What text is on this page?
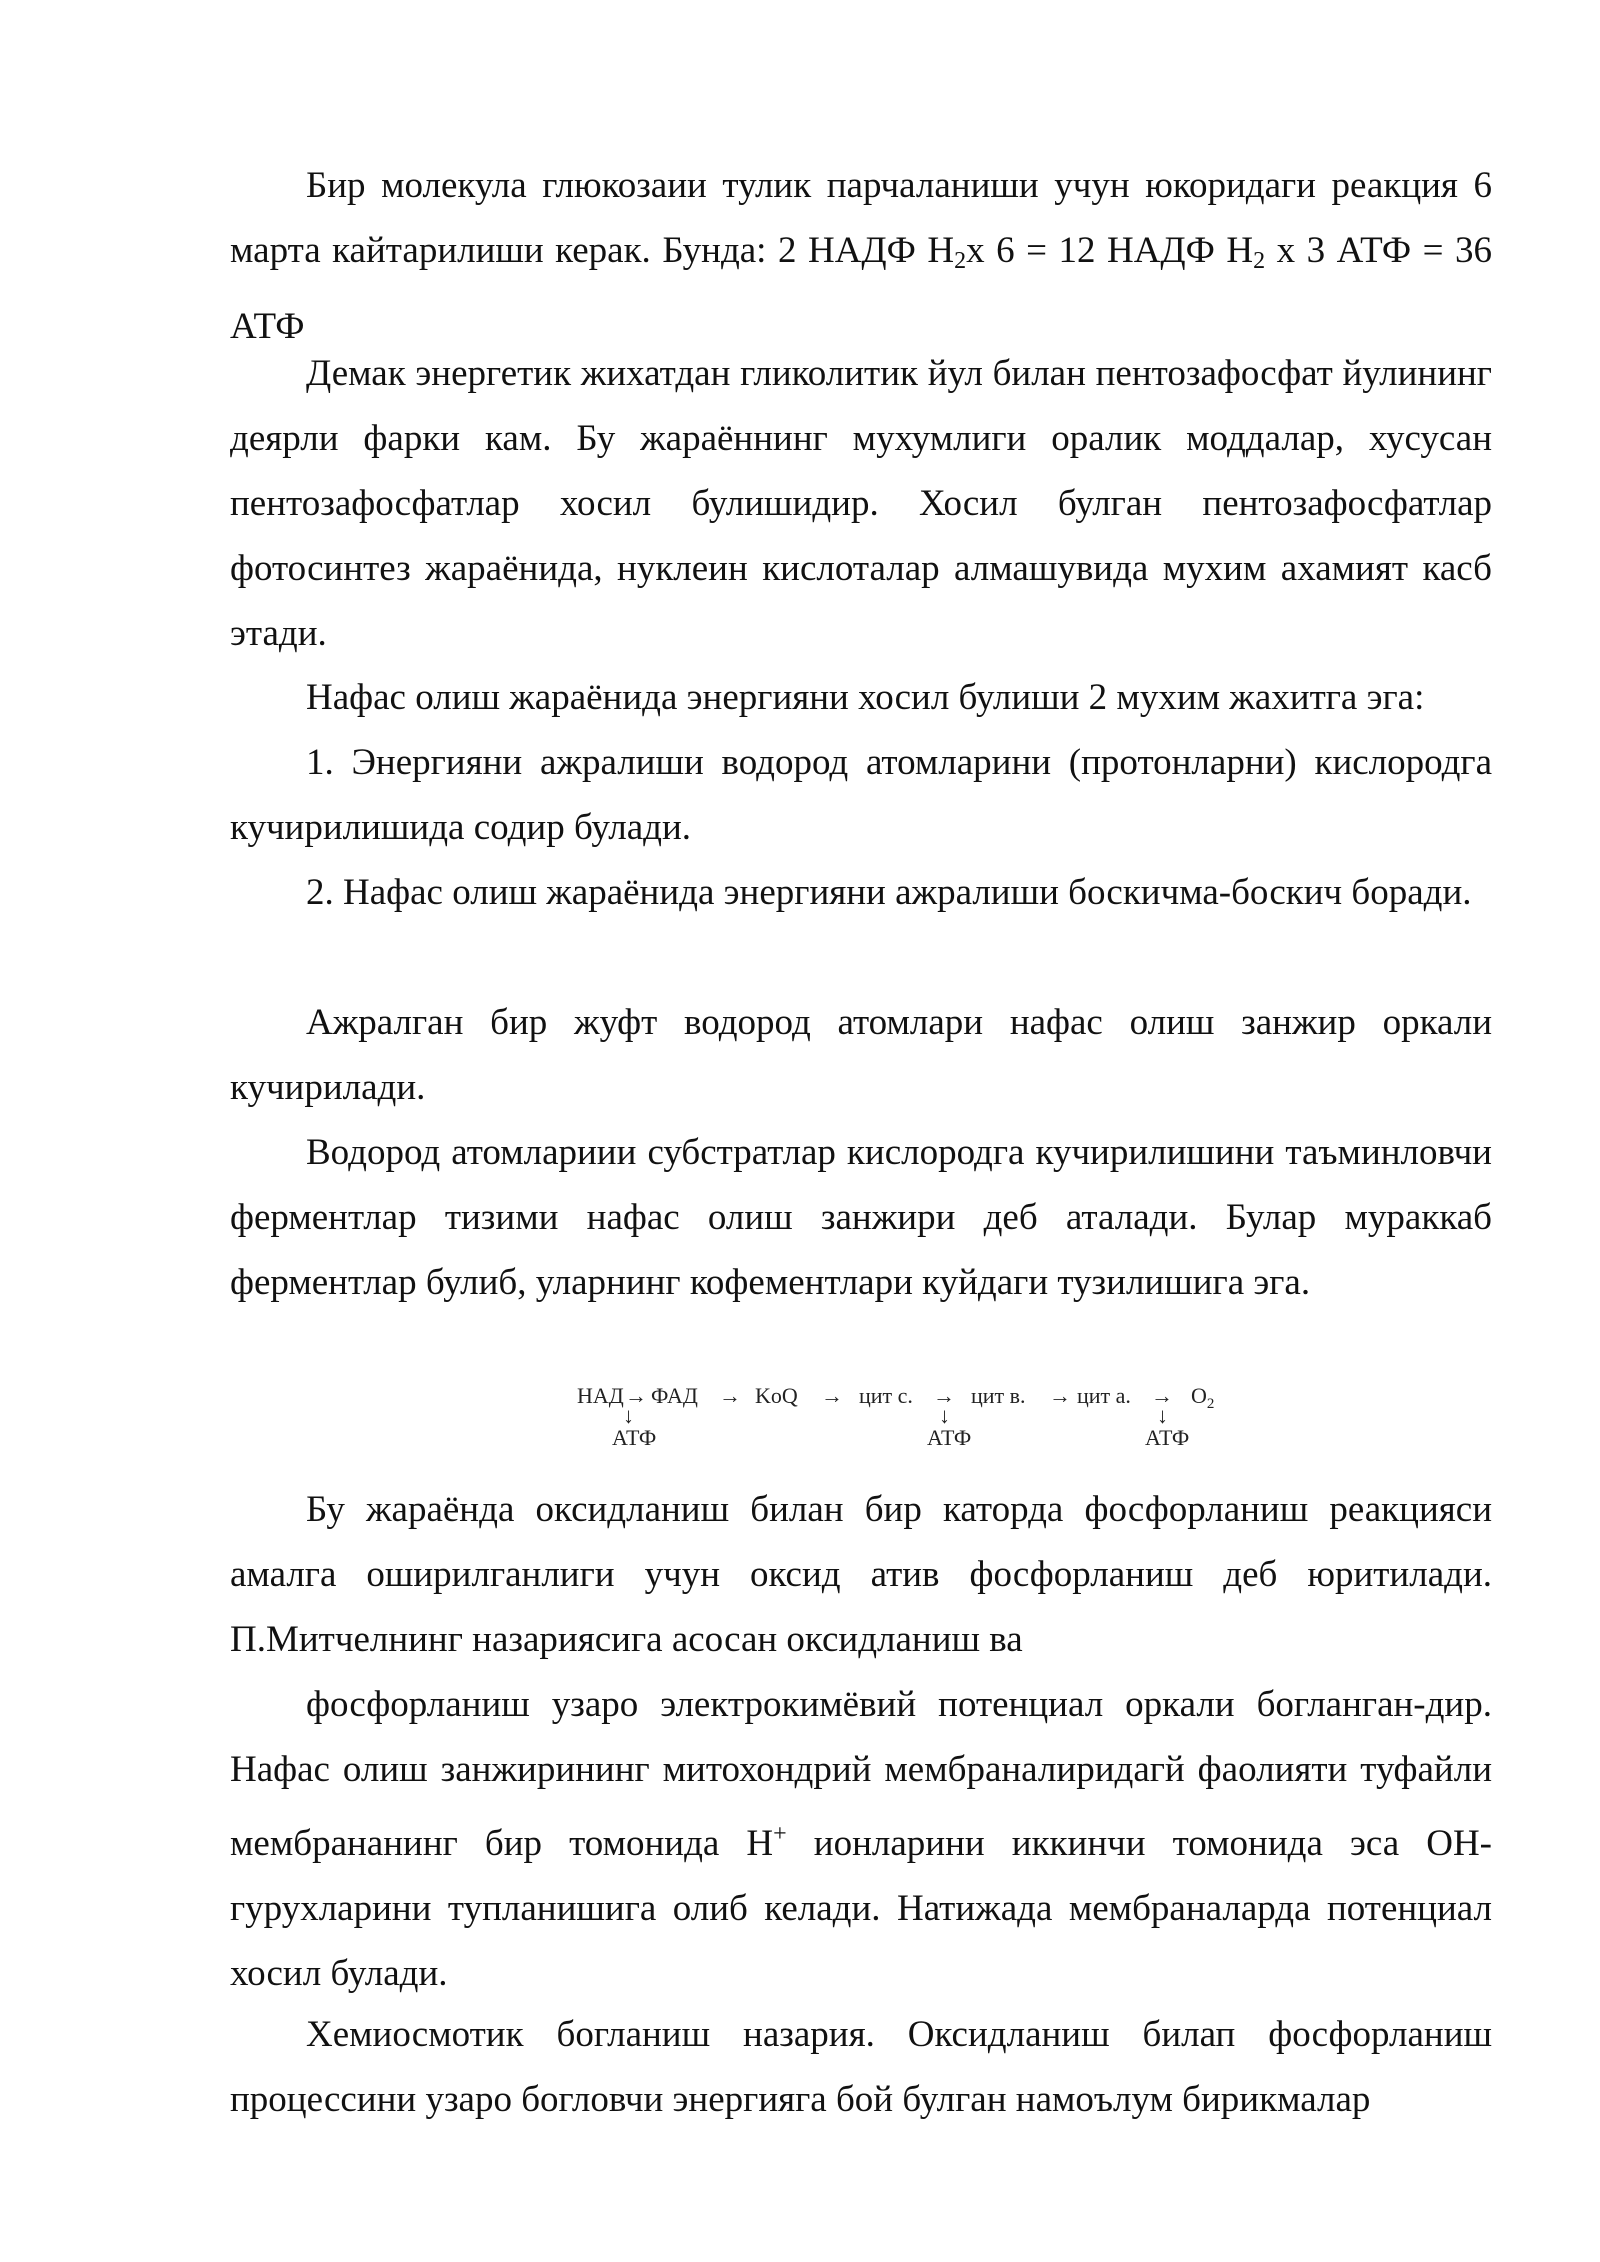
Бир молекула глюкозаии тулик парчаланиши учун юкоридаги реакция 6 марта кайтарилиши керак. Бунда: 2 НАДФ $Н_2х$ 6 = 12 НАДФ $Н_2$ х 3 АТФ = 36 АТФ

Демак энергетик жихатдан гликолитик йул билан пентозафосфат йулининг деярли фарки кам. Бу жараённинг мухумлиги оралик моддалар, хусусан пентозафосфатлар хосил булишидир. Хосил булган пентозафосфатлар фотосинтез жараёнида, нуклеин кислоталар алмашувида мухим ахамият касб этади.

Нафас олиш жараёнида энергияни хосил булиши 2 мухим жахитга эга:

1. Энергияни ажралиши водород атомларини (протонларни) кислородга кучирилишида содир булади.

2. Нафас олиш жараёнида энергияни ажралиши боскичма-боскич боради.

Ажралган бир жуфт водород атомлари нафас олиш занжир оркали кучирилади.

Водород атомлариии субстратлар кислородга кучирилишини таъминловчи ферментлар тизими нафас олиш занжири деб аталади. Булар мураккаб ферментлар булиб, уларнинг кофементлари куйдаги тузилишига эга.

НАД → ФАД → KoQ → цит с. → цит в. → цит а. → $О_2$
↓	↓	↓
АТФ	АТФ	АТФ

Бу жараёнда оксидланиш билан бир каторда фосфорланиш реакцияси амалга оширилганлиги учун оксид атив фосфорланиш деб юритилади. П.Митчелнинг назариясига асосан оксидланиш ва

фосфорланиш узаро электрокимёвий потенциал оркали богланган-дир. Нафас олиш занжирининг митохондрий мембраналиридагй фаолияти туфайли мембрананинг бир томонида Н+ ионларини иккинчи томонида эса ОН- гурухларини тупланишига олиб келади. Натижада мембраналарда потенциал хосил булади.

Хемиосмотик богланиш назария. Оксидланиш билап фосфорланиш процессини узаро богловчи энергияга бой булган намоълум бирикмалар
